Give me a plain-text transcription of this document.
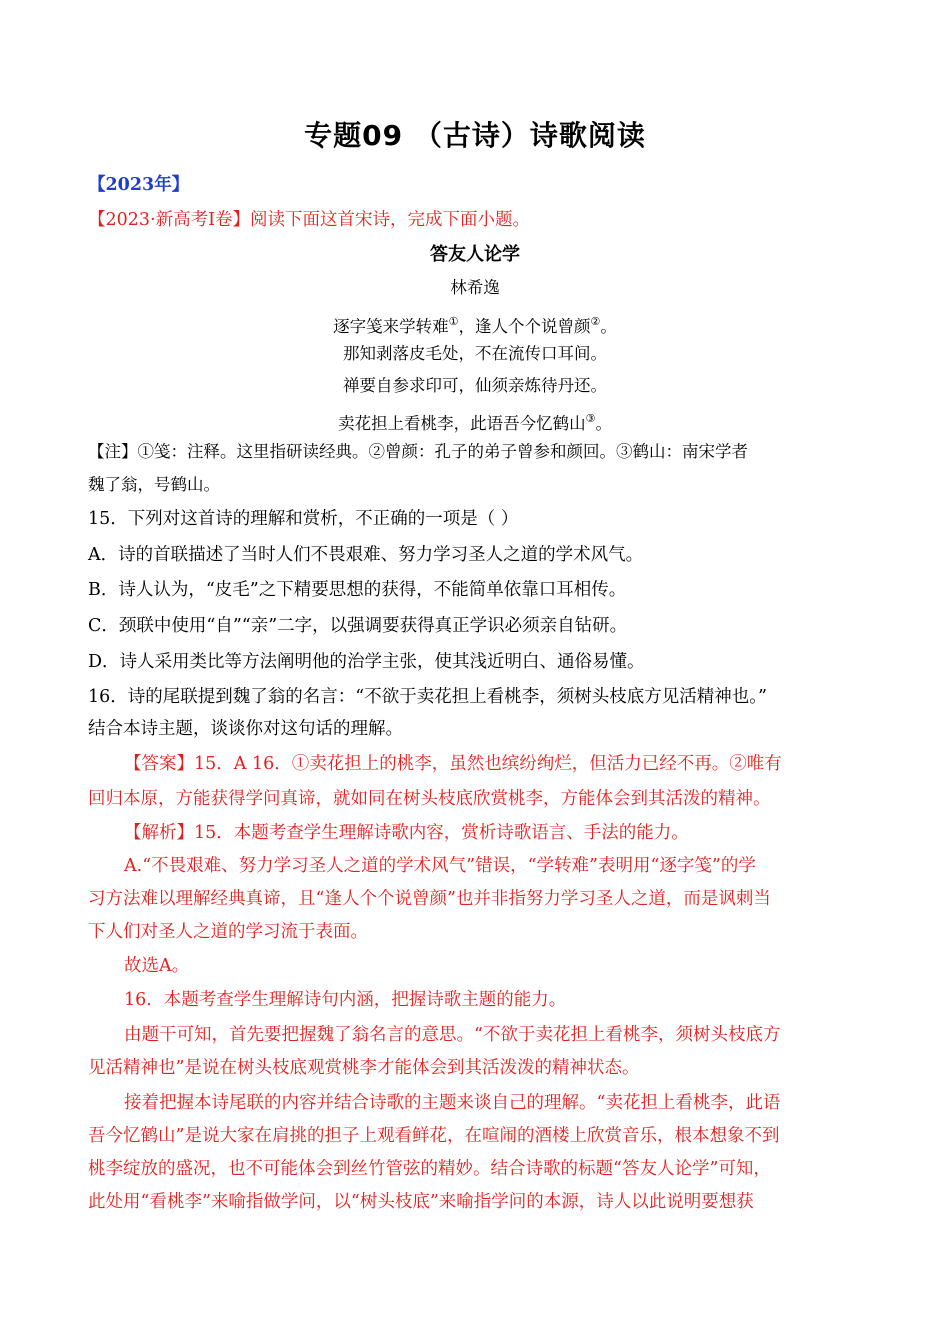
专题09 （古诗）诗歌阅读
【2023年】
【2023·新高考Ⅰ卷】阅读下面这首宋诗，完成下面小题。
答友人论学
林希逸
逐字笺来学转难①，逢人个个说曾颜②。
那知剥落皮毛处，不在流传口耳间。
禅要自参求印可，仙须亲炼待丹还。
卖花担上看桃李，此语吾今忆鹤山③。
【注】①笺：注释。这里指研读经典。②曾颜：孔子的弟子曾参和颜回。③鹤山：南宋学者
魏了翁，号鹤山。
15．下列对这首诗的理解和赏析，不正确的一项是（ ）
A．诗的首联描述了当时人们不畏艰难、努力学习圣人之道的学术风气。
B．诗人认为，“皮毛”之下精要思想的获得，不能简单依靠口耳相传。
C．颈联中使用“自”“亲”二字，以强调要获得真正学识必须亲自钻研。
D．诗人采用类比等方法阐明他的治学主张，使其浅近明白、通俗易懂。
16．诗的尾联提到魏了翁的名言：“不欲于卖花担上看桃李，须树头枝底方见活精神也。”
结合本诗主题，谈谈你对这句话的理解。
【答案】15．A 16．①卖花担上的桃李，虽然也缤纷绚烂，但活力已经不再。②唯有
回归本原，方能获得学问真谛，就如同在树头枝底欣赏桃李，方能体会到其活泼的精神。
【解析】15．本题考查学生理解诗歌内容，赏析诗歌语言、手法的能力。
A.“不畏艰难、努力学习圣人之道的学术风气”错误，“学转难”表明用“逐字笺”的学
习方法难以理解经典真谛，且“逢人个个说曾颜”也并非指努力学习圣人之道，而是讽刺当
下人们对圣人之道的学习流于表面。
故选A。
16．本题考查学生理解诗句内涵，把握诗歌主题的能力。
由题干可知，首先要把握魏了翁名言的意思。“不欲于卖花担上看桃李，须树头枝底方
见活精神也”是说在树头枝底观赏桃李才能体会到其活泼泼的精神状态。
接着把握本诗尾联的内容并结合诗歌的主题来谈自己的理解。“卖花担上看桃李，此语
吾今忆鹤山”是说大家在肩挑的担子上观看鲜花，在喧闹的酒楼上欣赏音乐，根本想象不到
桃李绽放的盛况，也不可能体会到丝竹管弦的精妙。结合诗歌的标题“答友人论学”可知，
此处用“看桃李”来喻指做学问，以“树头枝底”来喻指学问的本源，诗人以此说明要想获
